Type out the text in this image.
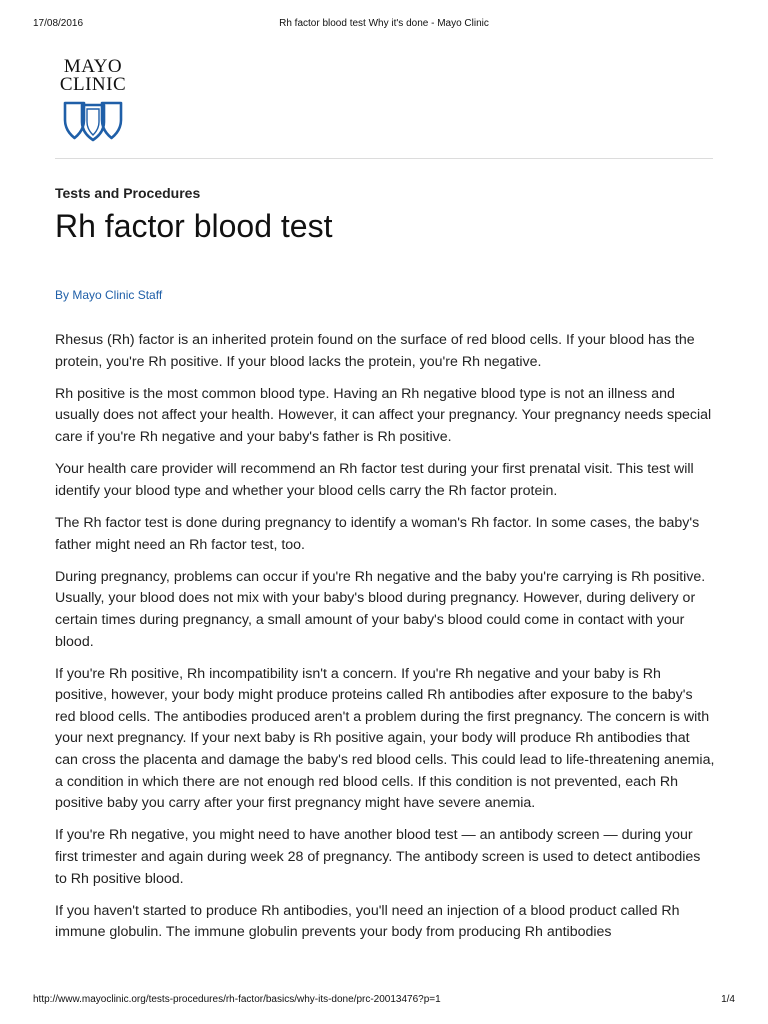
17/08/2016	Rh factor blood test Why it's done - Mayo Clinic
MAYO
CLINIC
Tests and Procedures
Rh factor blood test
By Mayo Clinic Staff

Rhesus (Rh) factor is an inherited protein found on the surface of red blood cells. If your blood has the protein, you're Rh positive. If your blood lacks the protein, you're Rh negative.

Rh positive is the most common blood type. Having an Rh negative blood type is not an illness and usually does not affect your health. However, it can affect your pregnancy. Your pregnancy needs special care if you're Rh negative and your baby's father is Rh positive.

Your health care provider will recommend an Rh factor test during your first prenatal visit. This test will identify your blood type and whether your blood cells carry the Rh factor protein.

The Rh factor test is done during pregnancy to identify a woman's Rh factor. In some cases, the baby's father might need an Rh factor test, too.

During pregnancy, problems can occur if you're Rh negative and the baby you're carrying is Rh positive. Usually, your blood does not mix with your baby's blood during pregnancy. However, during delivery or certain times during pregnancy, a small amount of your baby's blood could come in contact with your blood.

If you're Rh positive, Rh incompatibility isn't a concern. If you're Rh negative and your baby is Rh positive, however, your body might produce proteins called Rh antibodies after exposure to the baby's red blood cells. The antibodies produced aren't a problem during the first pregnancy. The concern is with your next pregnancy. If your next baby is Rh positive again, your body will produce Rh antibodies that can cross the placenta and damage the baby's red blood cells. This could lead to life-threatening anemia, a condition in which there are not enough red blood cells. If this condition is not prevented, each Rh positive baby you carry after your first pregnancy might have severe anemia.

If you're Rh negative, you might need to have another blood test — an antibody screen — during your first trimester and again during week 28 of pregnancy. The antibody screen is used to detect antibodies to Rh positive blood.

If you haven't started to produce Rh antibodies, you'll need an injection of a blood product called Rh immune globulin. The immune globulin prevents your body from producing Rh antibodies

http://www.mayoclinic.org/tests-procedures/rh-factor/basics/why-its-done/prc-20013476?p=1	1/4
